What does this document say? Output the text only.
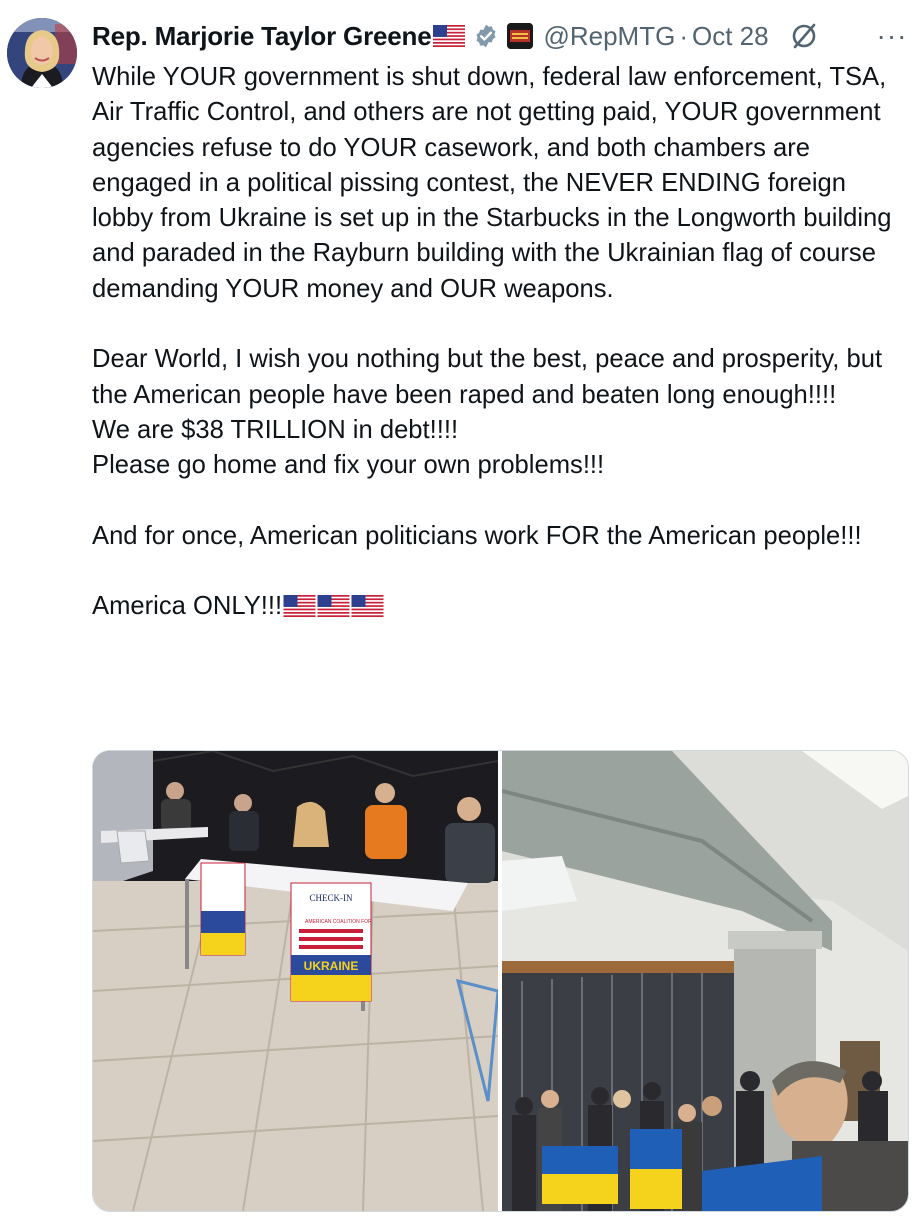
Rep. Marjorie Taylor Greene	@RepMTG · Oct 28	···
While YOUR government is shut down, federal law enforcement, TSA, Air Traffic Control, and others are not getting paid, YOUR government agencies refuse to do YOUR casework, and both chambers are engaged in a political pissing contest, the NEVER ENDING foreign lobby from Ukraine is set up in the Starbucks in the Longworth building and paraded in the Rayburn building with the Ukrainian flag of course demanding YOUR money and OUR weapons.

Dear World, I wish you nothing but the best, peace and prosperity, but the American people have been raped and beaten long enough!!!!
We are $38 TRILLION in debt!!!!
Please go home and fix your own problems!!!

And for once, American politicians work FOR the American people!!!

America ONLY!!!
CHECK-IN
AMERICAN COALITION FOR
UKRAINE
